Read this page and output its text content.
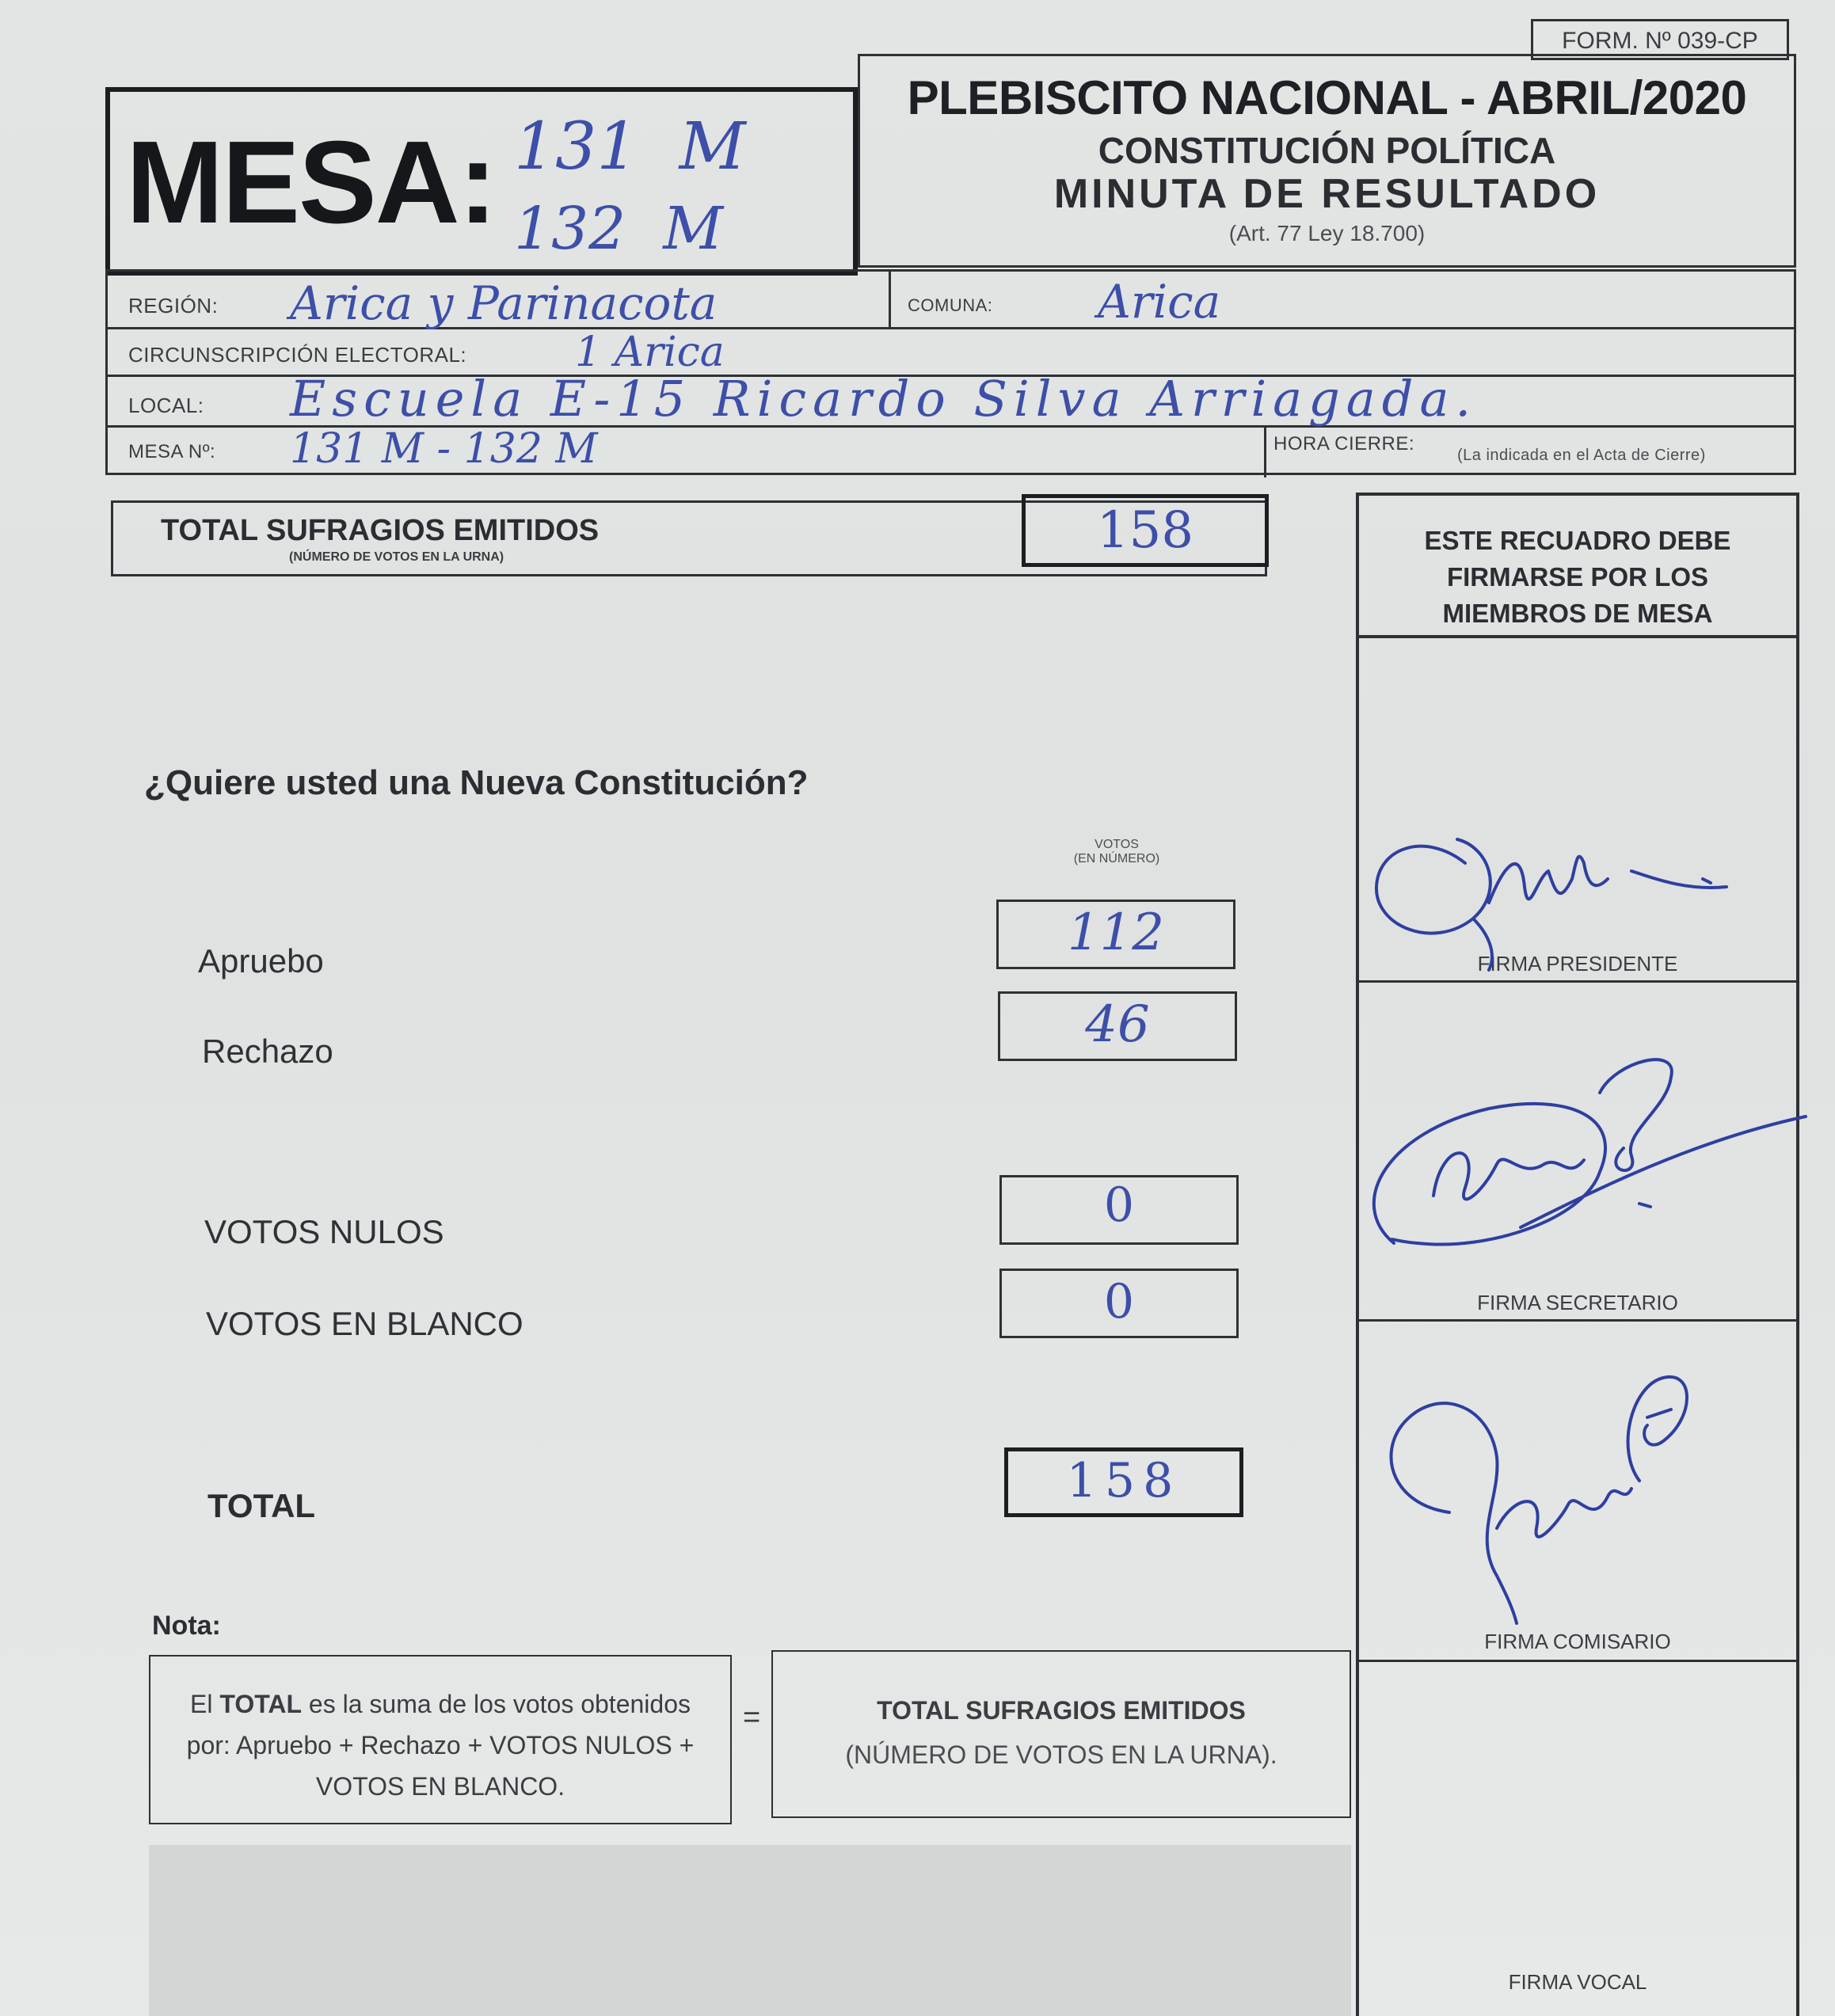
FORM. Nº 039-CP
MESA: 131  M
132  M
PLEBISCITO NACIONAL - ABRIL/2020
CONSTITUCIÓN POLÍTICA
MINUTA DE RESULTADO
(Art. 77 Ley 18.700)
REGIÓN: Arica y Parinacota	COMUNA: Arica
CIRCUNSCRIPCIÓN ELECTORAL:	1 Arica
LOCAL: Escuela E-15 Ricardo Silva Arriagada.
MESA Nº: 131 M - 132 M	HORA CIERRE:
(La indicada en el Acta de Cierre)
TOTAL SUFRAGIOS EMITIDOS
(NÚMERO DE VOTOS EN LA URNA)	158
¿Quiere usted una Nueva Constitución?
VOTOS
(EN NÚMERO)
Apruebo	112
Rechazo	46
VOTOS NULOS	0
VOTOS EN BLANCO	0
TOTAL	158
Nota:
El TOTAL es la suma de los votos obtenidos
por: Apruebo + Rechazo + VOTOS NULOS +
VOTOS EN BLANCO.
=	TOTAL SUFRAGIOS EMITIDOS
(NÚMERO DE VOTOS EN LA URNA).
ESTE RECUADRO DEBE
FIRMARSE POR LOS
MIEMBROS DE MESA
FIRMA PRESIDENTE
FIRMA SECRETARIO
FIRMA COMISARIO
FIRMA VOCAL
